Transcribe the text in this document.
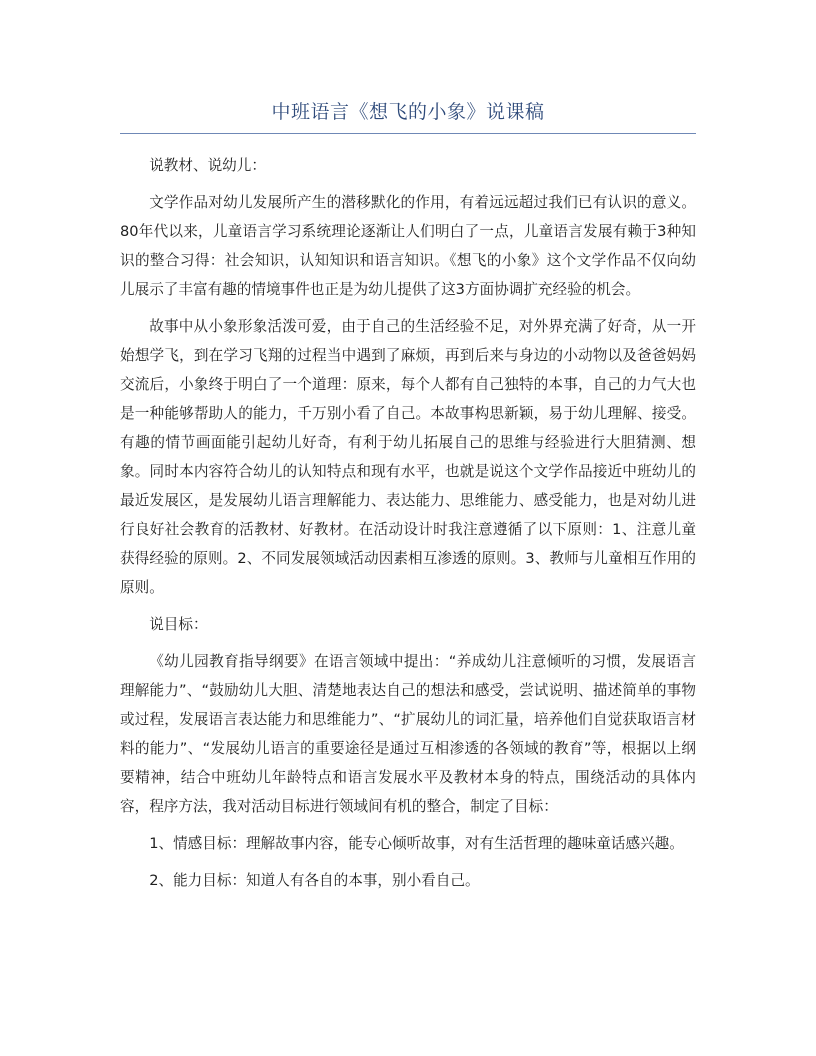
中班语言《想飞的小象》说课稿

说教材、说幼儿：

文学作品对幼儿发展所产生的潜移默化的作用，有着远远超过我们已有认识的意义。80年代以来，儿童语言学习系统理论逐渐让人们明白了一点，儿童语言发展有赖于3种知识的整合习得：社会知识，认知知识和语言知识。《想飞的小象》这个文学作品不仅向幼儿展示了丰富有趣的情境事件也正是为幼儿提供了这3方面协调扩充经验的机会。

故事中从小象形象活泼可爱，由于自己的生活经验不足，对外界充满了好奇，从一开始想学飞，到在学习飞翔的过程当中遇到了麻烦，再到后来与身边的小动物以及爸爸妈妈交流后，小象终于明白了一个道理：原来，每个人都有自己独特的本事，自己的力气大也是一种能够帮助人的能力，千万别小看了自己。本故事构思新颖，易于幼儿理解、接受。有趣的情节画面能引起幼儿好奇，有利于幼儿拓展自己的思维与经验进行大胆猜测、想象。同时本内容符合幼儿的认知特点和现有水平，也就是说这个文学作品接近中班幼儿的最近发展区，是发展幼儿语言理解能力、表达能力、思维能力、感受能力，也是对幼儿进行良好社会教育的活教材、好教材。在活动设计时我注意遵循了以下原则：1、注意儿童获得经验的原则。2、不同发展领域活动因素相互渗透的原则。3、教师与儿童相互作用的原则。

说目标：

《幼儿园教育指导纲要》在语言领域中提出：“养成幼儿注意倾听的习惯，发展语言理解能力”、“鼓励幼儿大胆、清楚地表达自己的想法和感受，尝试说明、描述简单的事物或过程，发展语言表达能力和思维能力”、“扩展幼儿的词汇量，培养他们自觉获取语言材料的能力”、“发展幼儿语言的重要途径是通过互相渗透的各领域的教育”等，根据以上纲要精神，结合中班幼儿年龄特点和语言发展水平及教材本身的特点，围绕活动的具体内容，程序方法，我对活动目标进行领域间有机的整合，制定了目标：

1、情感目标：理解故事内容，能专心倾听故事，对有生活哲理的趣味童话感兴趣。

2、能力目标：知道人有各自的本事，别小看自己。
